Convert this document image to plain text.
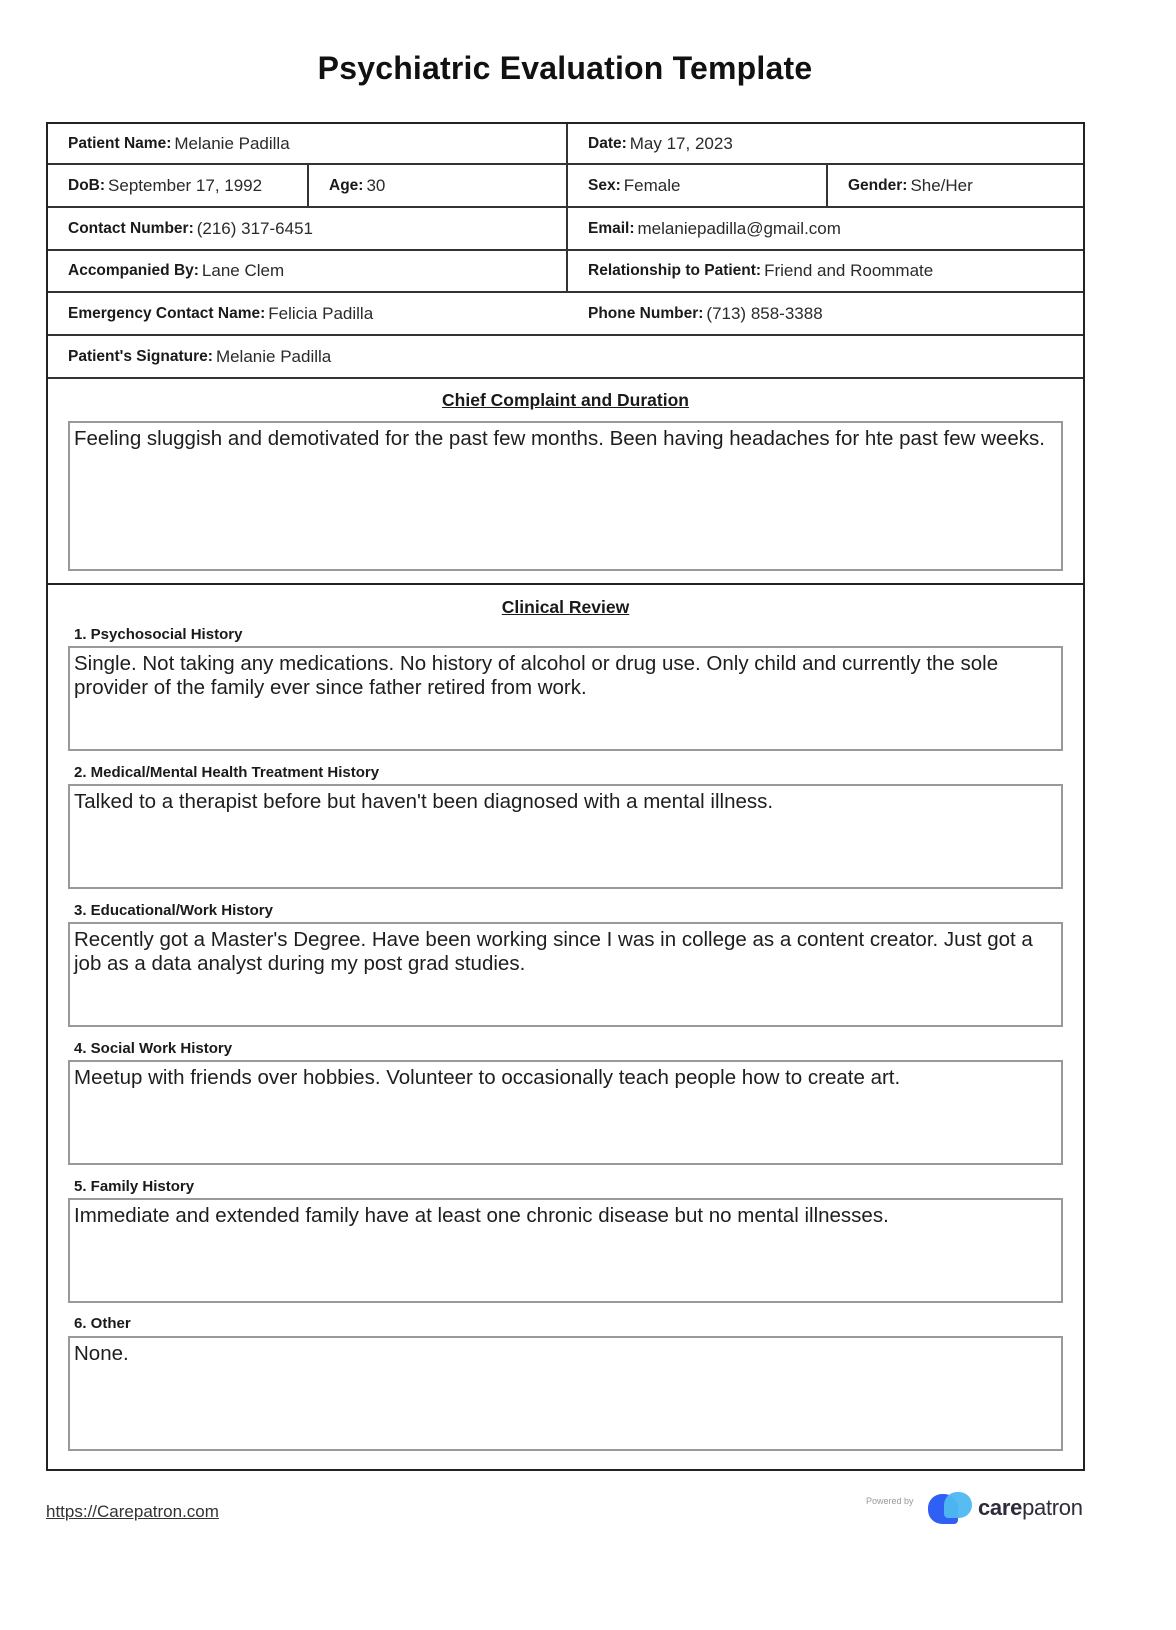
Psychiatric Evaluation Template
Patient Name: Melanie Padilla	Date: May 17, 2023
DoB: September 17, 1992	Age: 30	Sex: Female	Gender: She/Her
Contact Number: (216) 317-6451	Email: melaniepadilla@gmail.com
Accompanied By: Lane Clem	Relationship to Patient: Friend and Roommate
Emergency Contact Name: Felicia Padilla	Phone Number: (713) 858-3388
Patient's Signature: Melanie Padilla
Chief Complaint and Duration
Feeling sluggish and demotivated for the past few months. Been having headaches for hte past few weeks.
Clinical Review
1. Psychosocial History
Single. Not taking any medications. No history of alcohol or drug use. Only child and currently the sole provider of the family ever since father retired from work.
2. Medical/Mental Health Treatment History
Talked to a therapist before but haven't been diagnosed with a mental illness.
3. Educational/Work History
Recently got a Master's Degree. Have been working since I was in college as a content creator. Just got a job as a data analyst during my post grad studies.
4. Social Work History
Meetup with friends over hobbies. Volunteer to occasionally teach people how to create art.
5. Family History
Immediate and extended family have at least one chronic disease but no mental illnesses.
6. Other
None.
https://Carepatron.com
Powered by	carepatron
